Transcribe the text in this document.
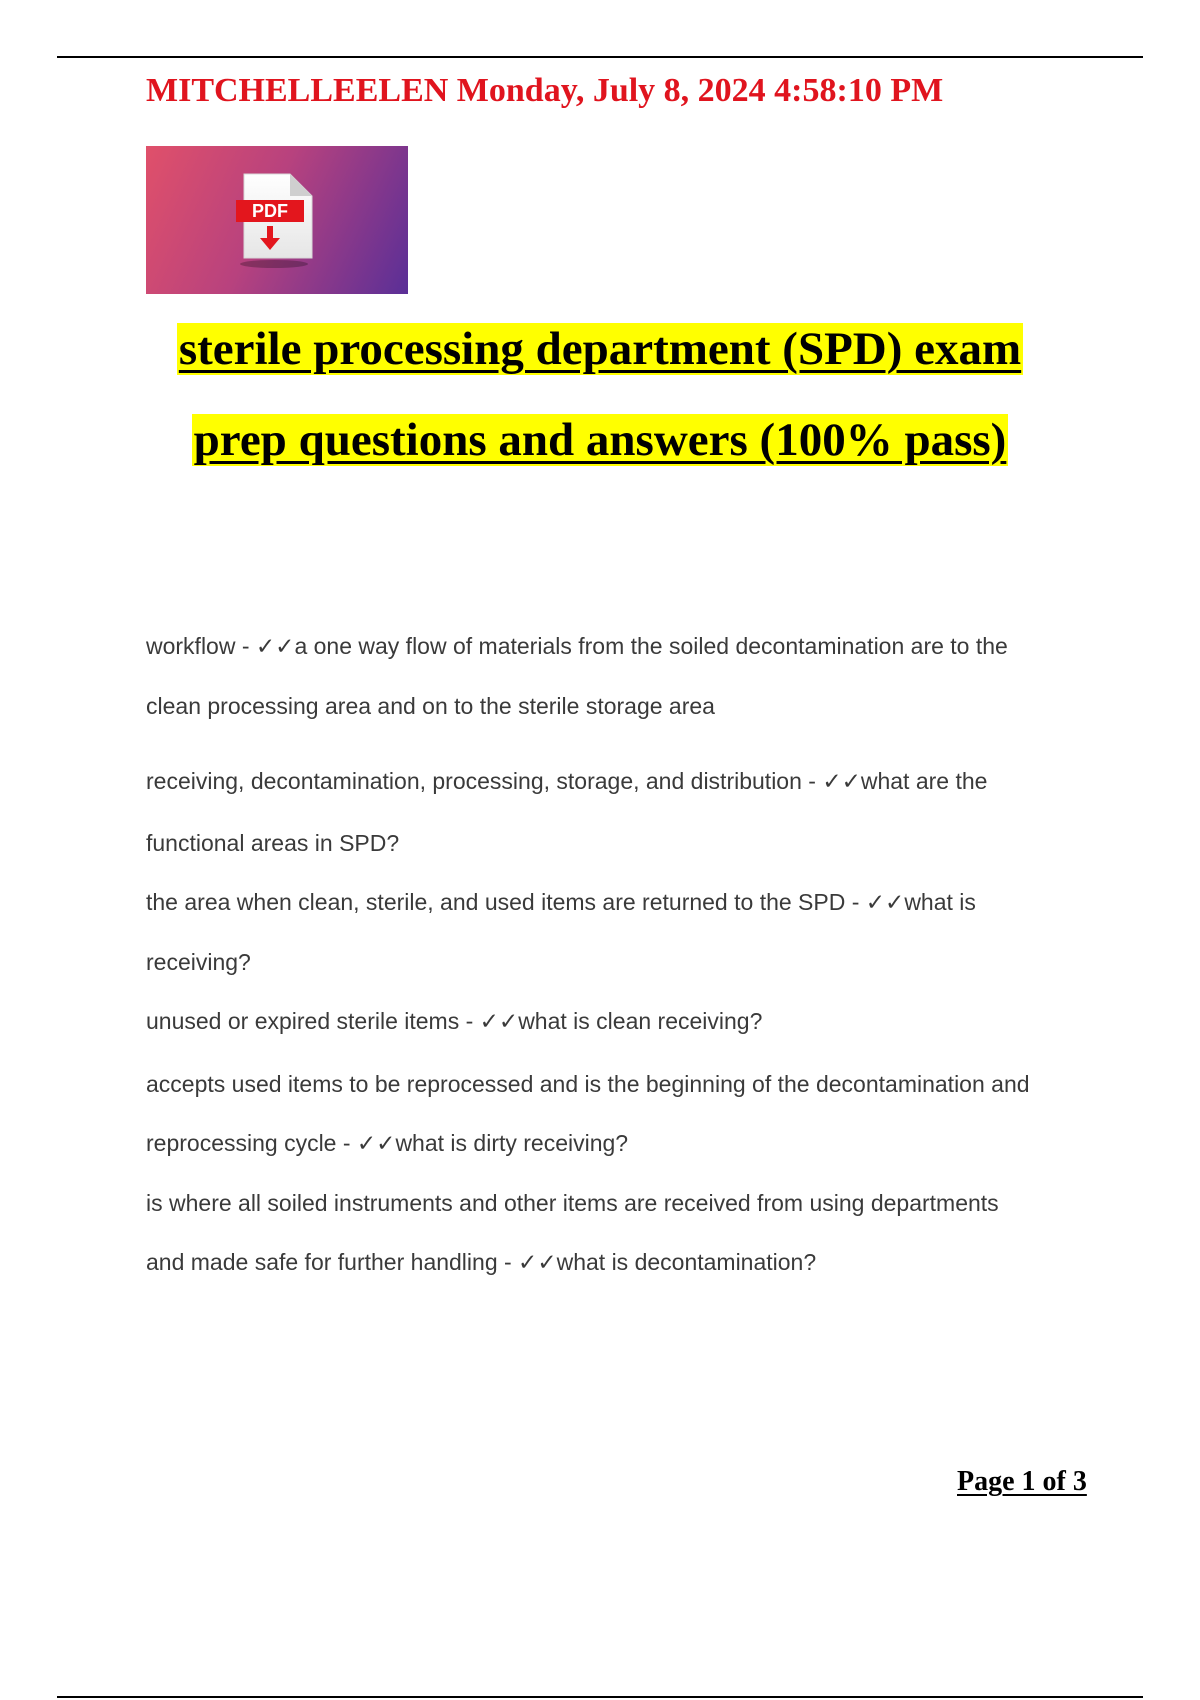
MITCHELLEELEN Monday, July 8, 2024 4:58:10 PM
PDF
sterile processing department (SPD) exam
prep questions and answers (100% pass)
workflow - ✓✓a one way flow of materials from the soiled decontamination are to the
clean processing area and on to the sterile storage area
receiving, decontamination, processing, storage, and distribution - ✓✓what are the
functional areas in SPD?
the area when clean, sterile, and used items are returned to the SPD - ✓✓what is
receiving?
unused or expired sterile items - ✓✓what is clean receiving?
accepts used items to be reprocessed and is the beginning of the decontamination and
reprocessing cycle - ✓✓what is dirty receiving?
is where all soiled instruments and other items are received from using departments
and made safe for further handling - ✓✓what is decontamination?
Page 1 of 3
